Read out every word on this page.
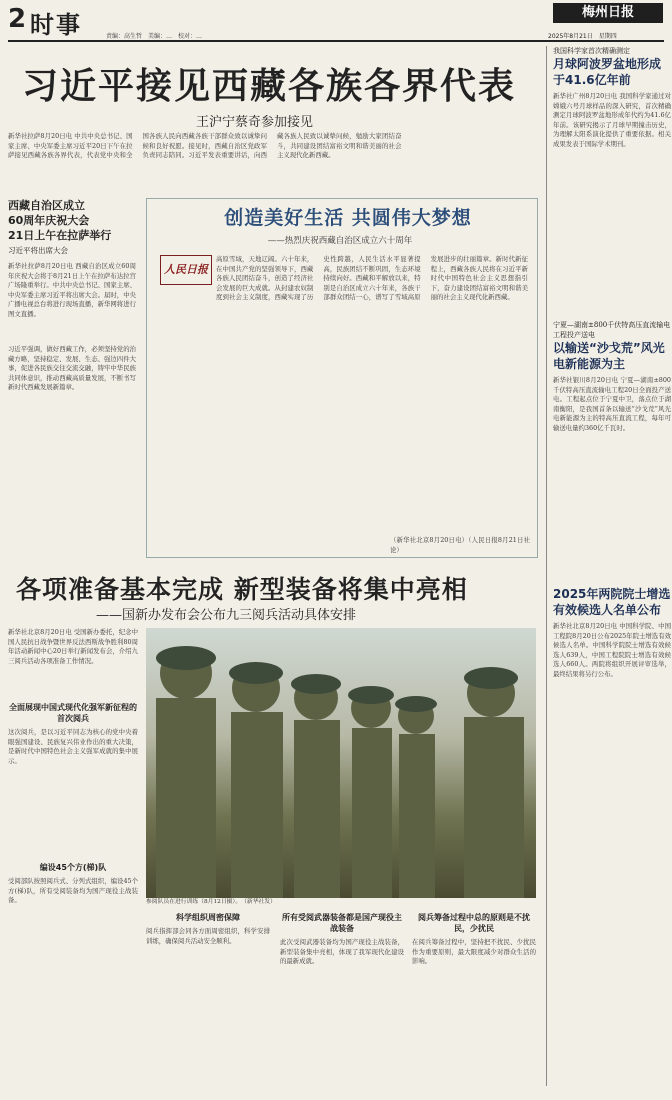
2 时事	责编：高生哲　美编：…　校对：…
梅州日报
2025年8月21日　星期四
习近平接见西藏各族各界代表
王沪宁蔡奇参加接见
新华社拉萨8月20日电 中共中央总书记、国家主席、中央军委主席习近平20日下午在拉萨接见西藏各族各界代表，代表党中央和全国各族人民向西藏各族干部群众致以诚挚问候和良好祝愿。接见时，西藏自治区党政军负责同志陪同。习近平发表重要讲话，向西藏各族人民致以诚挚问候，勉励大家团结奋斗，共同建设团结富裕文明和谐美丽的社会主义现代化新西藏。
西藏自治区成立
60周年庆祝大会
21日上午在拉萨举行
习近平将出席大会
新华社拉萨8月20日电 西藏自治区成立60周年庆祝大会将于8月21日上午在拉萨布达拉宫广场隆重举行。中共中央总书记、国家主席、中央军委主席习近平将出席大会。届时，中央广播电视总台将进行现场直播，新华网将进行图文直播。
习近平强调，做好西藏工作，必须坚持党的治藏方略，坚持稳定、发展、生态、强边四件大事，促进各民族交往交流交融，铸牢中华民族共同体意识，推动西藏高质量发展，不断书写新时代西藏发展新篇章。
创造美好生活 共圆伟大梦想
——热烈庆祝西藏自治区成立六十周年
人民日报
高原雪域，天地辽阔。六十年来，在中国共产党的坚强领导下，西藏各族人民团结奋斗，创造了经济社会发展的巨大成就。从封建农奴制度到社会主义制度，西藏实现了历史性跨越，人民生活水平显著提高，民族团结不断巩固，生态环境持续向好。西藏和平解放以来，特别是自治区成立六十年来，各族干部群众团结一心，谱写了雪域高原发展进步的壮丽篇章。新时代新征程上，西藏各族人民将在习近平新时代中国特色社会主义思想指引下，奋力建设团结富裕文明和谐美丽的社会主义现代化新西藏。
（新华社北京8月20日电）（人民日报8月21日社论）
我国科学家首次精确测定
月球阿波罗盆地形成于41.6亿年前
新华社广州8月20日电 我国科学家通过对嫦娥六号月球样品的深入研究，首次精确测定月球阿波罗盆地形成年代约为41.6亿年前。该研究揭示了月球早期撞击历史，为理解太阳系演化提供了重要依据。相关成果发表于国际学术期刊。
宁夏—湖南±800千伏特高压直流输电工程投产送电
以输送“沙戈荒”风光电新能源为主
新华社银川8月20日电 宁夏—湖南±800千伏特高压直流输电工程20日全面投产送电。工程起点位于宁夏中卫，落点位于湖南衡阳，是我国首条以输送“沙戈荒”风光电新能源为主的特高压直流工程，每年可输送电量约360亿千瓦时。
2025年两院院士增选有效候选人名单公布
新华社北京8月20日电 中国科学院、中国工程院8月20日公布2025年院士增选有效候选人名单。中国科学院院士增选有效候选人639人，中国工程院院士增选有效候选人660人。两院将组织开展评审选举，最终结果将另行公布。
各项准备基本完成 新型装备将集中亮相
——国新办发布会公布九三阅兵活动具体安排
新华社北京8月20日电 受国新办委托，纪念中国人民抗日战争暨世界反法西斯战争胜利80周年活动新闻中心20日举行新闻发布会，介绍九三阅兵活动各项准备工作情况。
全面展现中国式现代化强军新征程的首次阅兵
这次阅兵，是以习近平同志为核心的党中央着眼强国建设、民族复兴伟业作出的重大决策，是新时代中国特色社会主义强军成就的集中展示。
编设45个方(梯)队
受阅部队按照阅兵式、分列式组织，编设45个方(梯)队，所有受阅装备均为国产现役主战装备。	参阅队员在进行训练（8月12日摄）。　（新华社发）
科学组织周密保障
阅兵指挥部会同各方面周密组织，科学安排训练，确保阅兵活动安全顺利。
所有受阅武器装备都是国产现役主战装备
此次受阅武器装备均为国产现役主战装备，新型装备集中亮相，体现了我军现代化建设的最新成就。
阅兵筹备过程中总的原则是不扰民，少扰民
在阅兵筹备过程中，坚持把不扰民、少扰民作为重要原则，最大限度减少对群众生活的影响。
